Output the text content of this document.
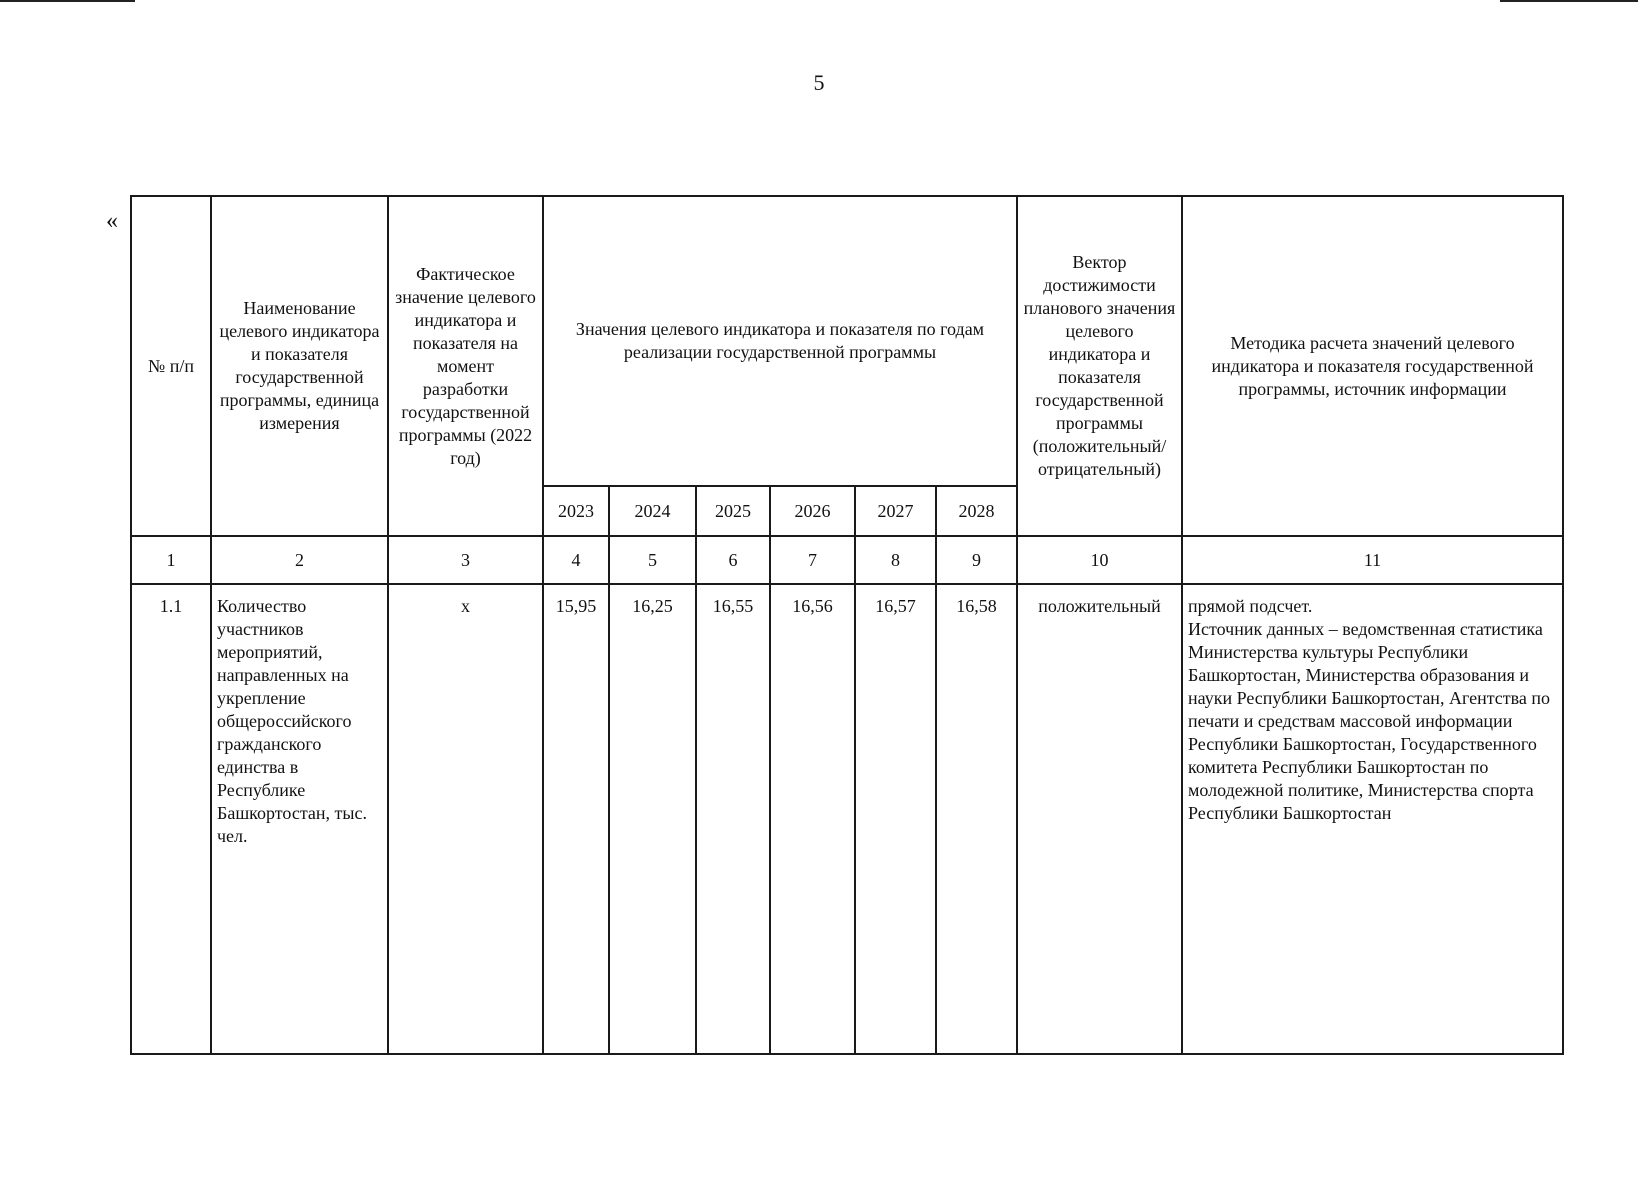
5
«
№ п/п	Наименование целевого индикатора и показателя государственной программы, единица измерения	Фактическое значение целевого индикатора и показателя на момент разработки государственной программы (2022 год)	Значения целевого индикатора и показателя по годам реализации государственной программы						Вектор достижимости планового значения целевого индикатора и показателя государственной программы (положительный/ отрицательный)	Методика расчета значений целевого индикатора и показателя государственной программы, источник информации
			2023	2024	2025	2026	2027	2028		
1	2	3	4	5	6	7	8	9	10	11
1.1	Количество участников мероприятий, направленных на укрепление общероссийского гражданского единства в Республике Башкортостан, тыс. чел.	х	15,95	16,25	16,55	16,56	16,57	16,58	положительный	прямой подсчет.
Источник данных – ведомственная статистика Министерства культуры Республики Башкортостан, Министерства образования и науки Республики Башкортостан, Агентства по печати и средствам массовой информации Республики Башкортостан, Государственного комитета Республики Башкортостан по молодежной политике, Министерства спорта Республики Башкортостан
